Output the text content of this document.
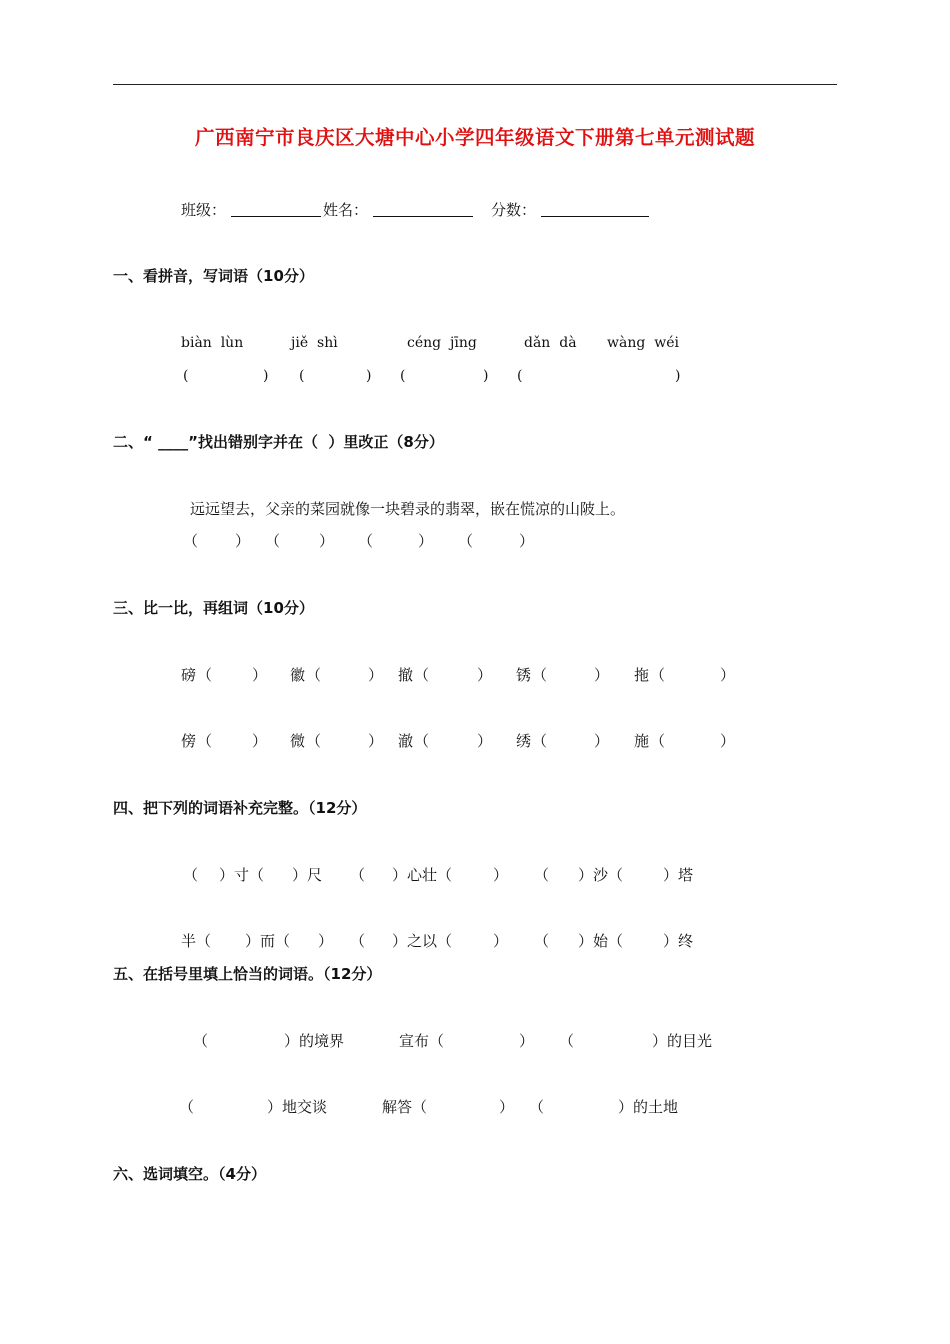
广西南宁市良庆区大塘中心小学四年级语文下册第七单元测试题
班级：	姓名：	分数：
一、看拼音，写词语（10分）
biàn  lùn	jiě  shì	céng  jīng	dǎn  dà wàng  wéi
(	) (	) (	) (	)
二、“ ____”找出错别字并在（  ）里改正（8分）
远远望去，父亲的菜园就像一块碧录的翡翠，嵌在慌凉的山陂上。
（ ） （	） （	） （	）
三、比一比，再组词（10分）
磅 （	） 徽 （	） 撤 （	） 锈 （	） 拖 （	）
傍 （	） 微 （	） 澈 （	） 绣 （	） 施 （	）
四、把下列的词语补充完整。（12分）
（ ）寸（ ）尺 （ ）心壮（	） （ ）沙（	）塔
半（ ）而（ ） （ ）之以（	） （ ）始（	）终
五、在括号里填上恰当的词语。（12分）
（	）的境界	宣布（	） （	）的目光
（	）地交谈	解答（	） （	）的土地
六、选词填空。（4分）
